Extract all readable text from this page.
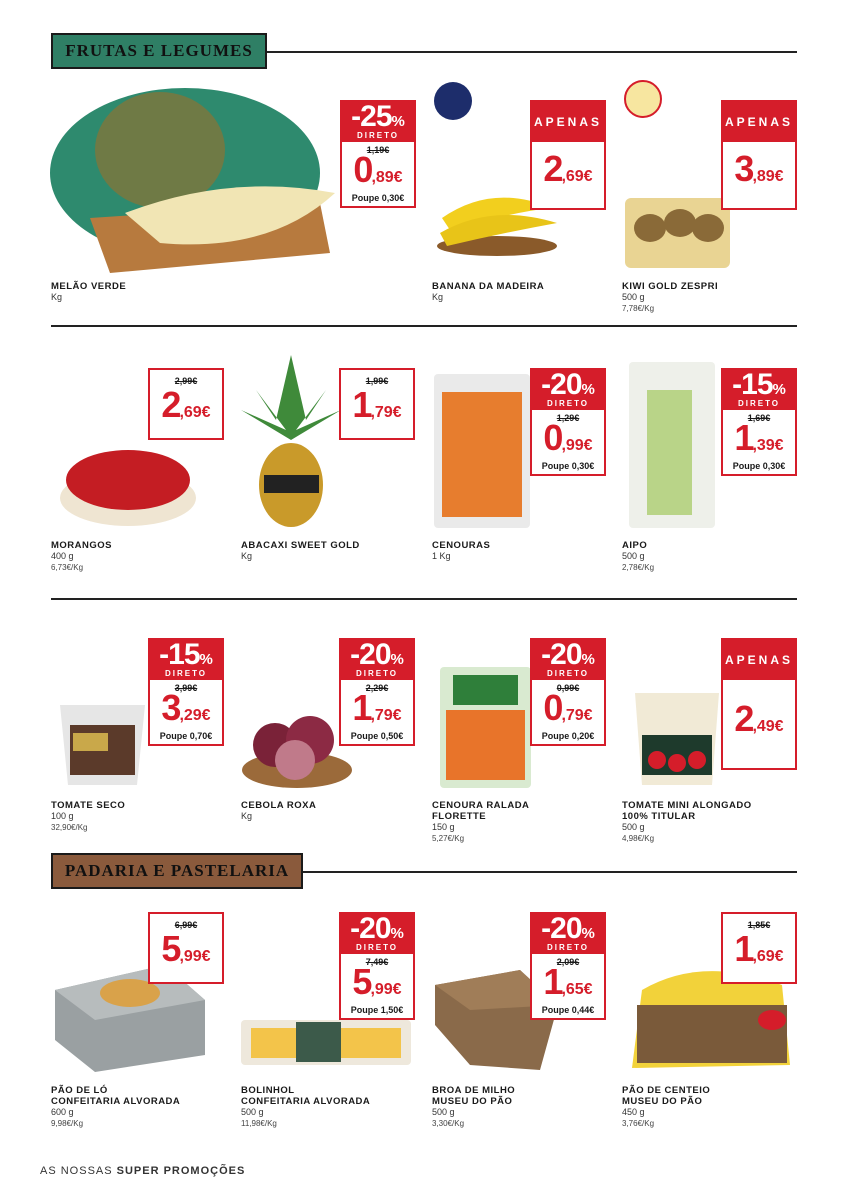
FRUTAS E LEGUMES
-25%
DIRETO
1,19€
0,89€
Poupe 0,30€
MELÃO VERDE
Kg
APENAS
2,69€
BANANA DA MADEIRA
Kg
APENAS
3,89€
KIWI GOLD ZESPRI
500 g
7,78€/Kg
2,99€
2,69€
MORANGOS
400 g
6,73€/Kg
1,99€
1,79€
ABACAXI SWEET GOLD
Kg
-20%
DIRETO
1,29€
0,99€
Poupe 0,30€
CENOURAS
1 Kg
-15%
DIRETO
1,69€
1,39€
Poupe 0,30€
AIPO
500 g
2,78€/Kg
-15%
DIRETO
3,99€
3,29€
Poupe 0,70€
TOMATE SECO
100 g
32,90€/Kg
-20%
DIRETO
2,29€
1,79€
Poupe 0,50€
CEBOLA ROXA
Kg
-20%
DIRETO
0,99€
0,79€
Poupe 0,20€
CENOURA RALADA
FLORETTE
150 g
5,27€/Kg
APENAS
2,49€
TOMATE MINI ALONGADO
100% TITULAR
500 g
4,98€/Kg
PADARIA E PASTELARIA
6,99€
5,99€
PÃO DE LÓ
CONFEITARIA ALVORADA
600 g
9,98€/Kg
-20%
DIRETO
7,49€
5,99€
Poupe 1,50€
BOLINHOL
CONFEITARIA ALVORADA
500 g
11,98€/Kg
-20%
DIRETO
2,09€
1,65€
Poupe 0,44€
BROA DE MILHO
MUSEU DO PÃO
500 g
3,30€/Kg
1,85€
1,69€
PÃO DE CENTEIO
MUSEU DO PÃO
450 g
3,76€/Kg
AS NOSSAS SUPER PROMOÇÕES
